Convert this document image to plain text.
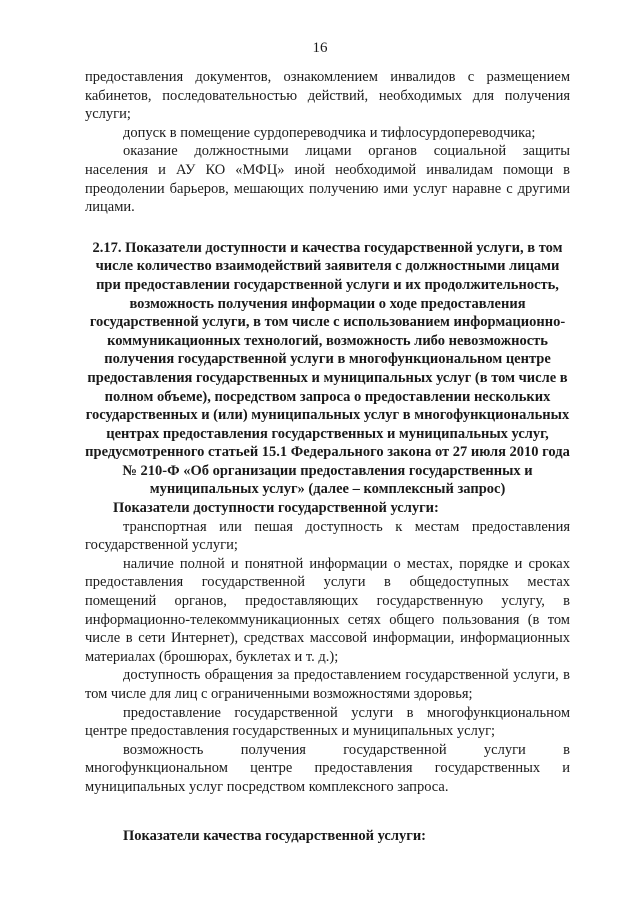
16

предоставления документов, ознакомлением инвалидов с размещением кабинетов, последовательностью действий, необходимых для получения услуги;

допуск в помещение сурдопереводчика и тифлосурдопереводчика;

оказание должностными лицами органов социальной защиты населения и АУ КО «МФЦ» иной необходимой инвалидам помощи в преодолении барьеров, мешающих получению ими услуг наравне с другими лицами.

2.17. Показатели доступности и качества государственной услуги, в том числе количество взаимодействий заявителя с должностными лицами при предоставлении государственной услуги и их продолжительность, возможность получения информации о ходе предоставления государственной услуги, в том числе с использованием информационно-коммуникационных технологий, возможность либо невозможность получения государственной услуги в многофункциональном центре предоставления государственных и муниципальных услуг (в том числе в полном объеме), посредством запроса о предоставлении нескольких государственных и (или) муниципальных услуг в многофункциональных центрах предоставления государственных и муниципальных услуг, предусмотренного статьей 15.1 Федерального закона от 27 июля 2010 года № 210-Ф «Об организации предоставления государственных и муниципальных услуг» (далее – комплексный запрос)

Показатели доступности государственной услуги:

транспортная или пешая доступность к местам предоставления государственной услуги;

наличие полной и понятной информации о местах, порядке и сроках предоставления государственной услуги в общедоступных местах помещений органов, предоставляющих государственную услугу, в информационно-телекоммуникационных сетях общего пользования (в том числе в сети Интернет), средствах массовой информации, информационных материалах (брошюрах, буклетах и т. д.);

доступность обращения за предоставлением государственной услуги, в том числе для лиц с ограниченными возможностями здоровья;

предоставление государственной услуги в многофункциональном центре предоставления государственных и муниципальных услуг;

возможность получения государственной услуги в многофункциональном центре предоставления государственных и муниципальных услуг посредством комплексного запроса.

Показатели качества государственной услуги:
